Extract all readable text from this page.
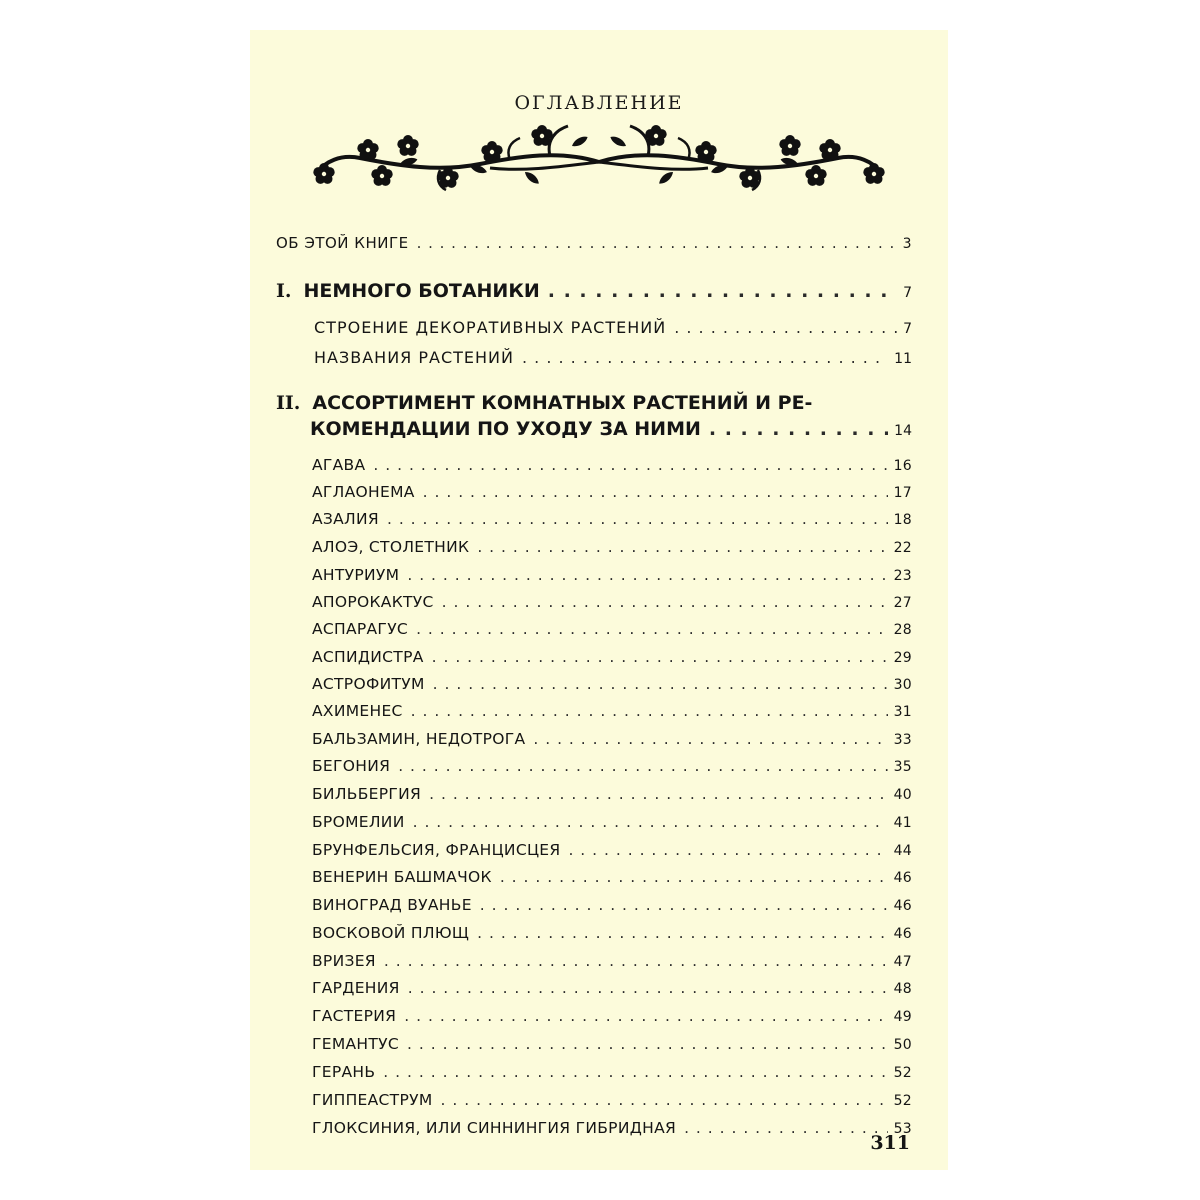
ОГЛАВЛЕНИЕ
ОБ ЭТОЙ КНИГЕ . . .	3
I. НЕМНОГО БОТАНИКИ . . .	7
СТРОЕНИЕ ДЕКОРАТИВНЫХ РАСТЕНИЙ . . .	7
НАЗВАНИЯ РАСТЕНИЙ . . .	11
II. АССОРТИМЕНТ КОМНАТНЫХ РАСТЕНИЙ И РЕ-
КОМЕНДАЦИИ ПО УХОДУ ЗА НИМИ . . .	14
АГАВА . . .	16
АГЛАОНЕМА . . .	17
АЗАЛИЯ . . .	18
АЛОЭ, СТОЛЕТНИК . . .	22
АНТУРИУМ . . .	23
АПОРОКАКТУС . . .	27
АСПАРАГУС . . .	28
АСПИДИСТРА . . .	29
АСТРОФИТУМ . . .	30
АХИМЕНЕС . . .	31
БАЛЬЗАМИН, НЕДОТРОГА . . .	33
БЕГОНИЯ . . .	35
БИЛЬБЕРГИЯ . . .	40
БРОМЕЛИИ . . .	41
БРУНФЕЛЬСИЯ, ФРАНЦИСЦЕЯ . . .	44
ВЕНЕРИН БАШМАЧОК . . .	46
ВИНОГРАД ВУАНЬЕ . . .	46
ВОСКОВОЙ ПЛЮЩ . . .	46
ВРИЗЕЯ . . .	47
ГАРДЕНИЯ . . .	48
ГАСТЕРИЯ . . .	49
ГЕМАНТУС . . .	50
ГЕРАНЬ . . .	52
ГИППЕАСТРУМ . . .	52
ГЛОКСИНИЯ, ИЛИ СИННИНГИЯ ГИБРИДНАЯ . . .	53
311
